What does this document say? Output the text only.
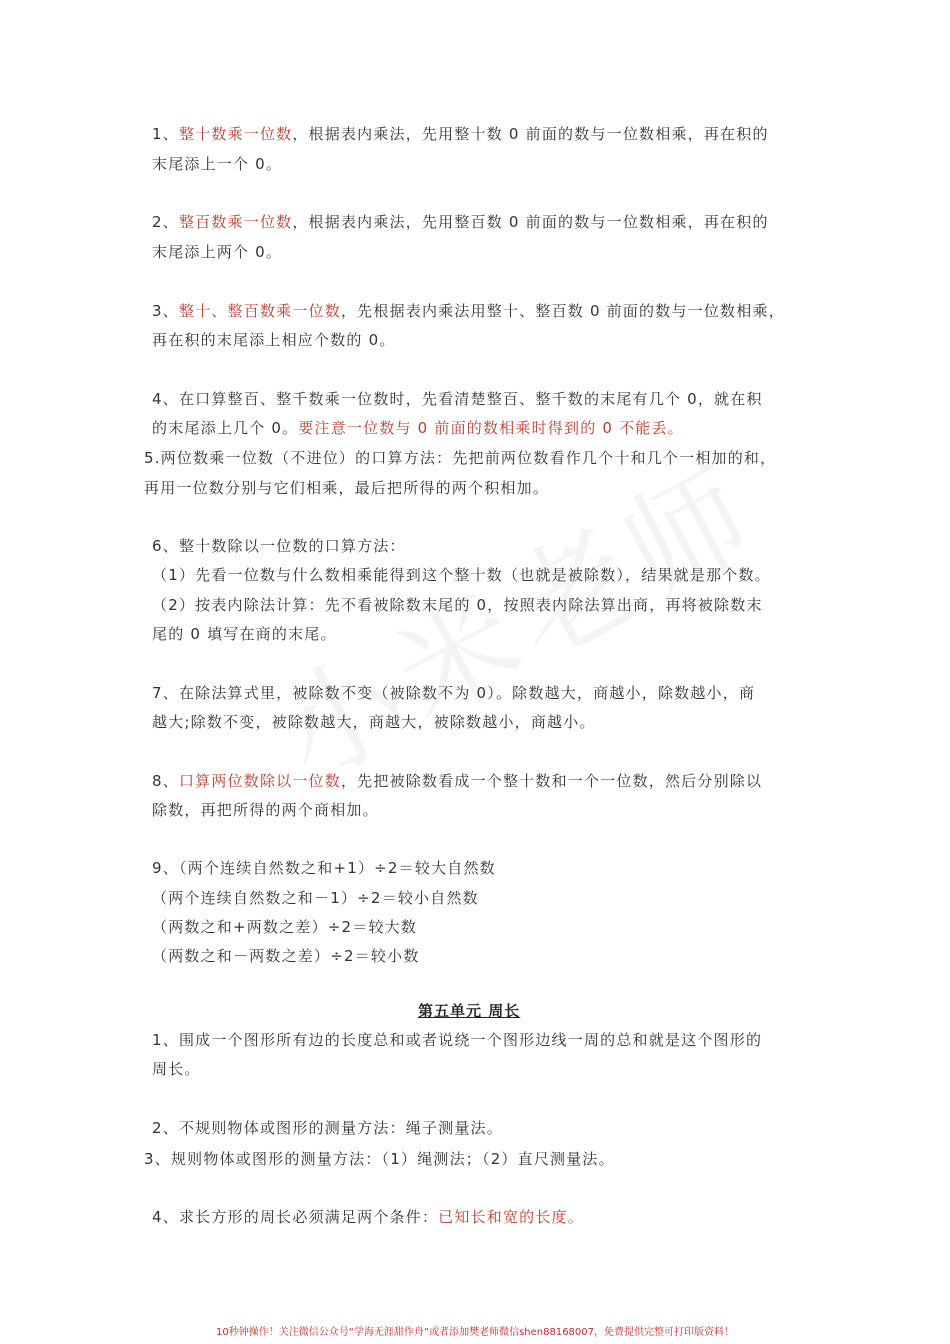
1、整十数乘一位数，根据表内乘法，先用整十数 0 前面的数与一位数相乘，再在积的
末尾添上一个 0。
2、整百数乘一位数，根据表内乘法，先用整百数 0 前面的数与一位数相乘，再在积的
末尾添上两个 0。
3、整十、整百数乘一位数，先根据表内乘法用整十、整百数 0 前面的数与一位数相乘，
再在积的末尾添上相应个数的 0。
4、在口算整百、整千数乘一位数时，先看清楚整百、整千数的末尾有几个 0，就在积
的末尾添上几个 0。要注意一位数与 0 前面的数相乘时得到的 0 不能丢。
5.两位数乘一位数（不进位）的口算方法：先把前两位数看作几个十和几个一相加的和，
再用一位数分别与它们相乘，最后把所得的两个积相加。
6、整十数除以一位数的口算方法：
（1）先看一位数与什么数相乘能得到这个整十数（也就是被除数），结果就是那个数。
（2）按表内除法计算：先不看被除数末尾的 0，按照表内除法算出商，再将被除数末
尾的 0 填写在商的末尾。
7、在除法算式里，被除数不变（被除数不为 0）。除数越大，商越小，除数越小，商
越大;除数不变，被除数越大，商越大，被除数越小，商越小。
8、口算两位数除以一位数，先把被除数看成一个整十数和一个一位数，然后分别除以
除数，再把所得的两个商相加。
9、（两个连续自然数之和+1）÷2＝较大自然数
（两个连续自然数之和－1）÷2＝较小自然数
（两数之和+两数之差）÷2＝较大数
（两数之和－两数之差）÷2＝较小数
第五单元 周长
1、围成一个图形所有边的长度总和或者说绕一个图形边线一周的总和就是这个图形的
周长。
2、不规则物体或图形的测量方法：绳子测量法。
3、规则物体或图形的测量方法：（1）绳测法；（2）直尺测量法。
4、求长方形的周长必须满足两个条件：已知长和宽的长度。
10秒钟操作！关注微信公众号“学海无涯甜作舟”或者添加樊老师微信shen88168007，免费提供完整可打印版资料！
